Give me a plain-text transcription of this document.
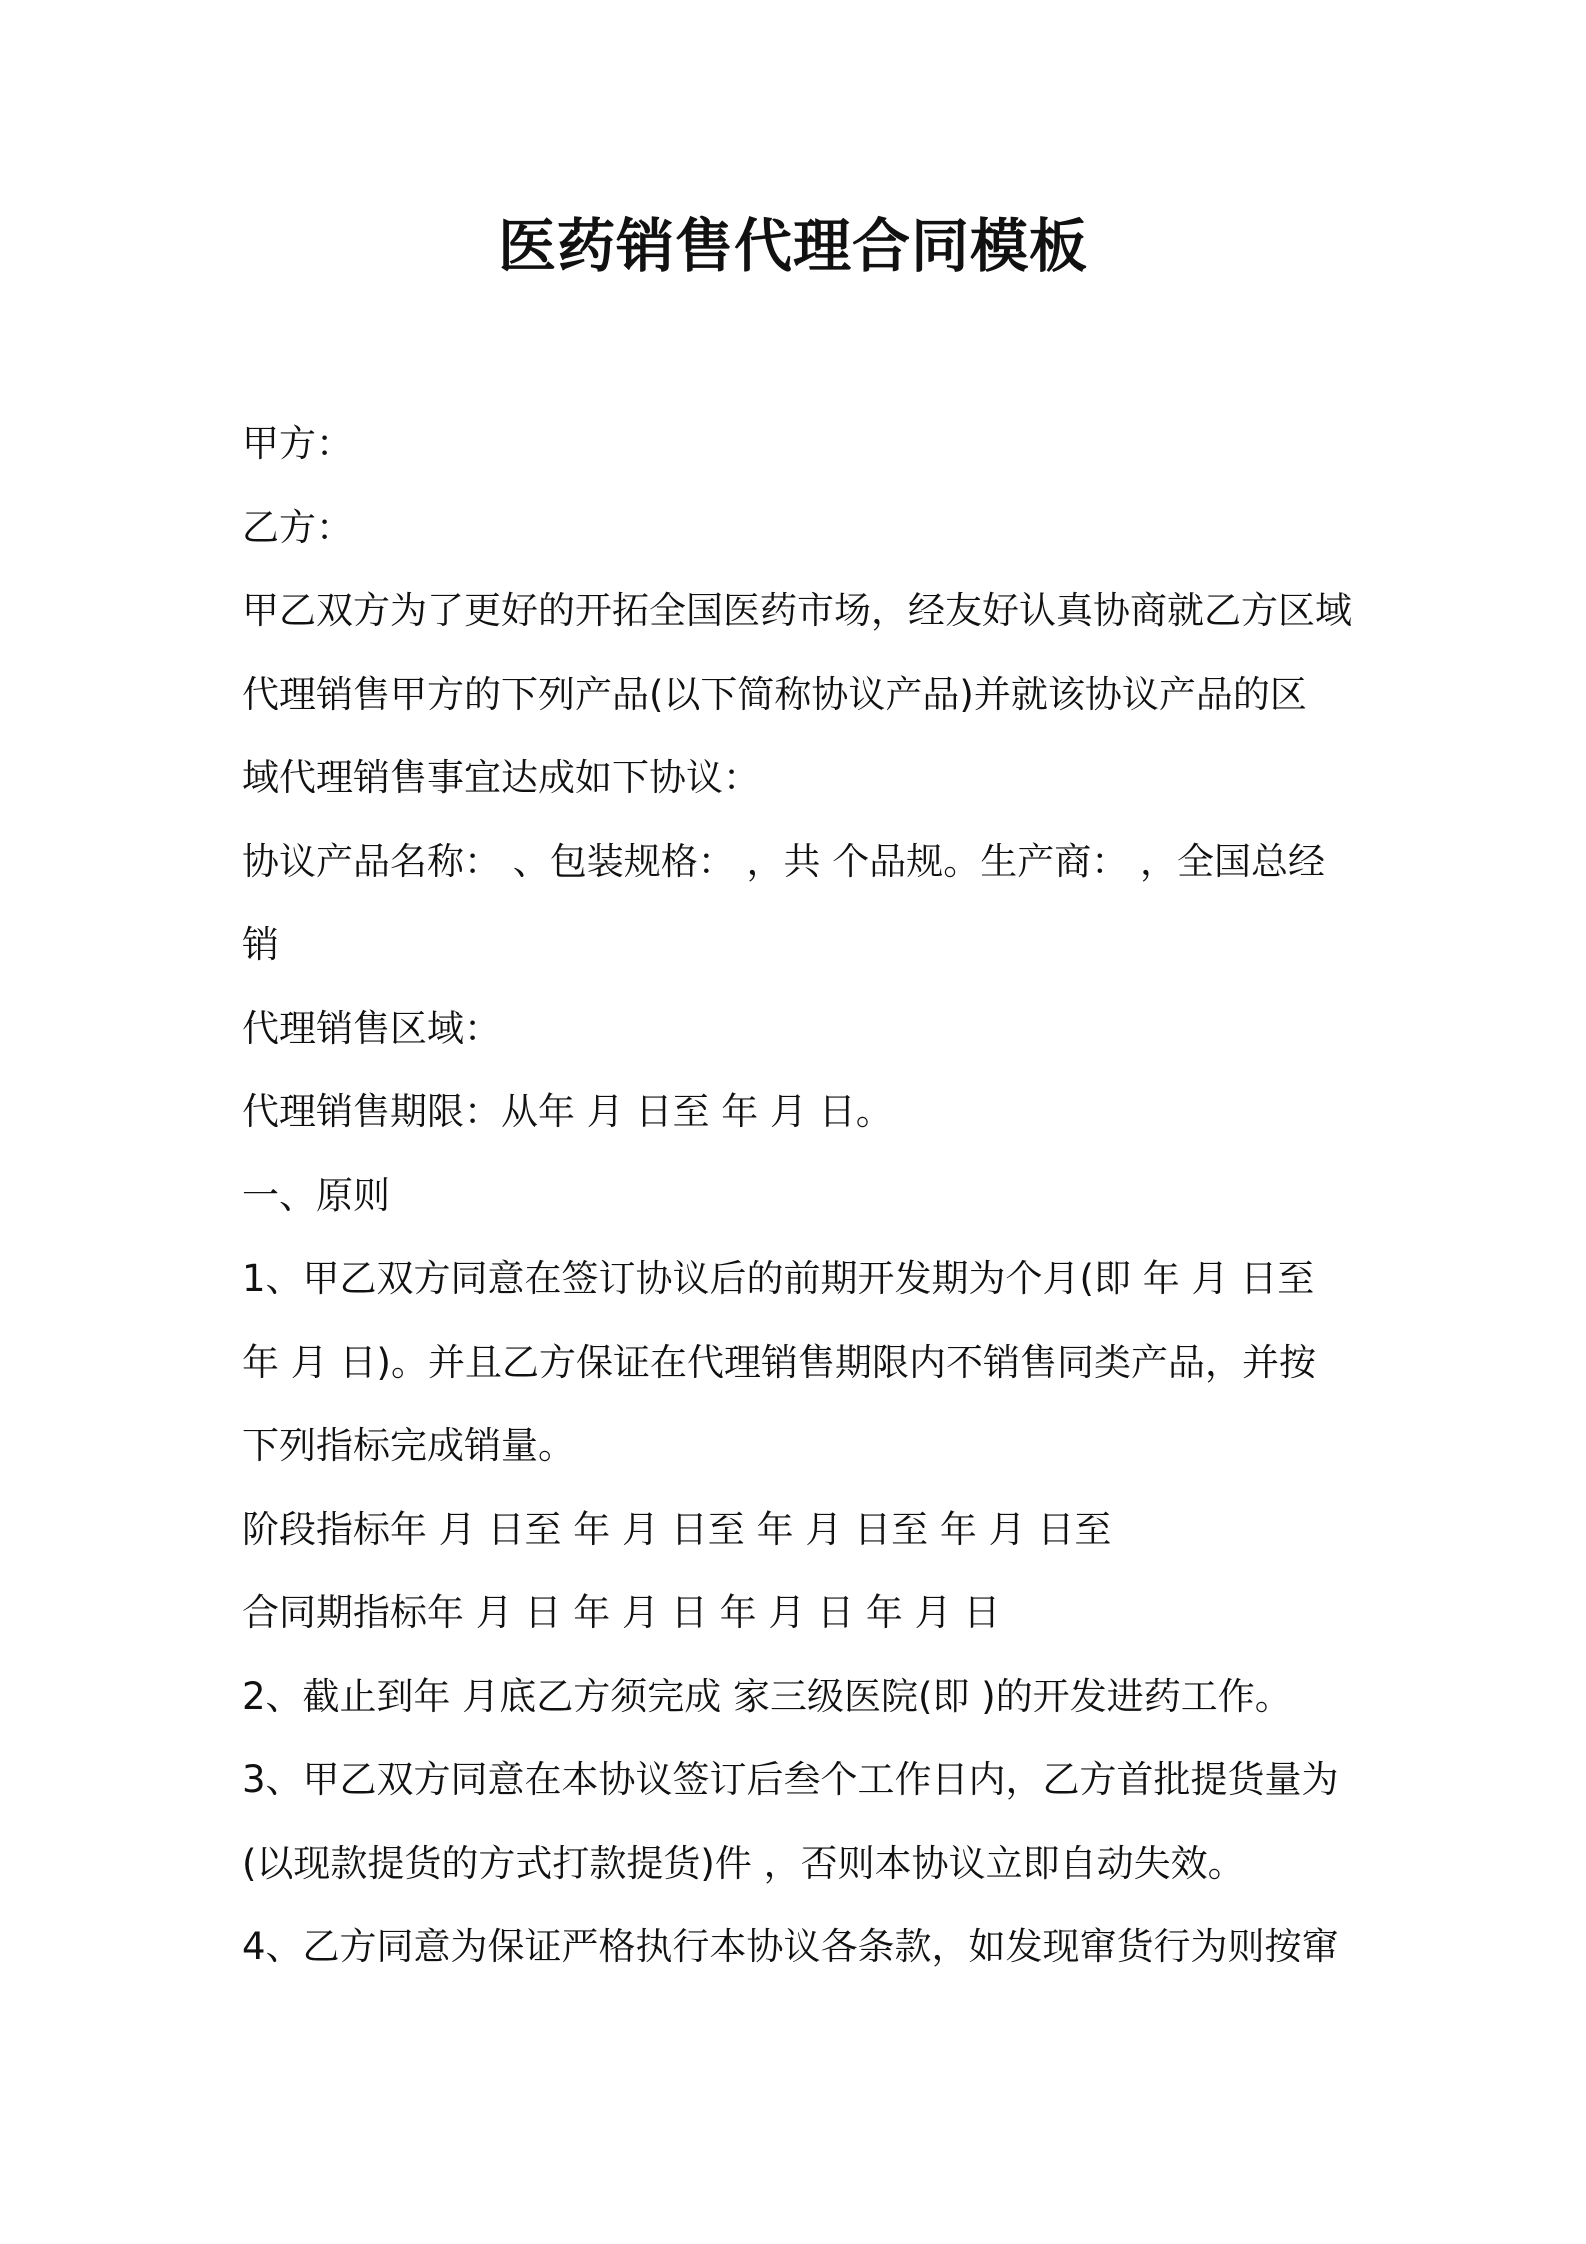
医药销售代理合同模板
甲方：
乙方：
甲乙双方为了更好的开拓全国医药市场，经友好认真协商就乙方区域
代理销售甲方的下列产品(以下简称协议产品)并就该协议产品的区
域代理销售事宜达成如下协议：
协议产品名称： 、包装规格： ，共 个品规。生产商： ，全国总经
销
代理销售区域：
代理销售期限：从年 月 日至 年 月 日。
一、原则
1、甲乙双方同意在签订协议后的前期开发期为个月(即 年 月 日至
年 月 日)。并且乙方保证在代理销售期限内不销售同类产品，并按
下列指标完成销量。
阶段指标年 月 日至 年 月 日至 年 月 日至 年 月 日至
合同期指标年 月 日 年 月 日 年 月 日 年 月 日
2、截止到年 月底乙方须完成 家三级医院(即 )的开发进药工作。
3、甲乙双方同意在本协议签订后叁个工作日内，乙方首批提货量为
(以现款提货的方式打款提货)件 ，否则本协议立即自动失效。
4、乙方同意为保证严格执行本协议各条款，如发现窜货行为则按窜
